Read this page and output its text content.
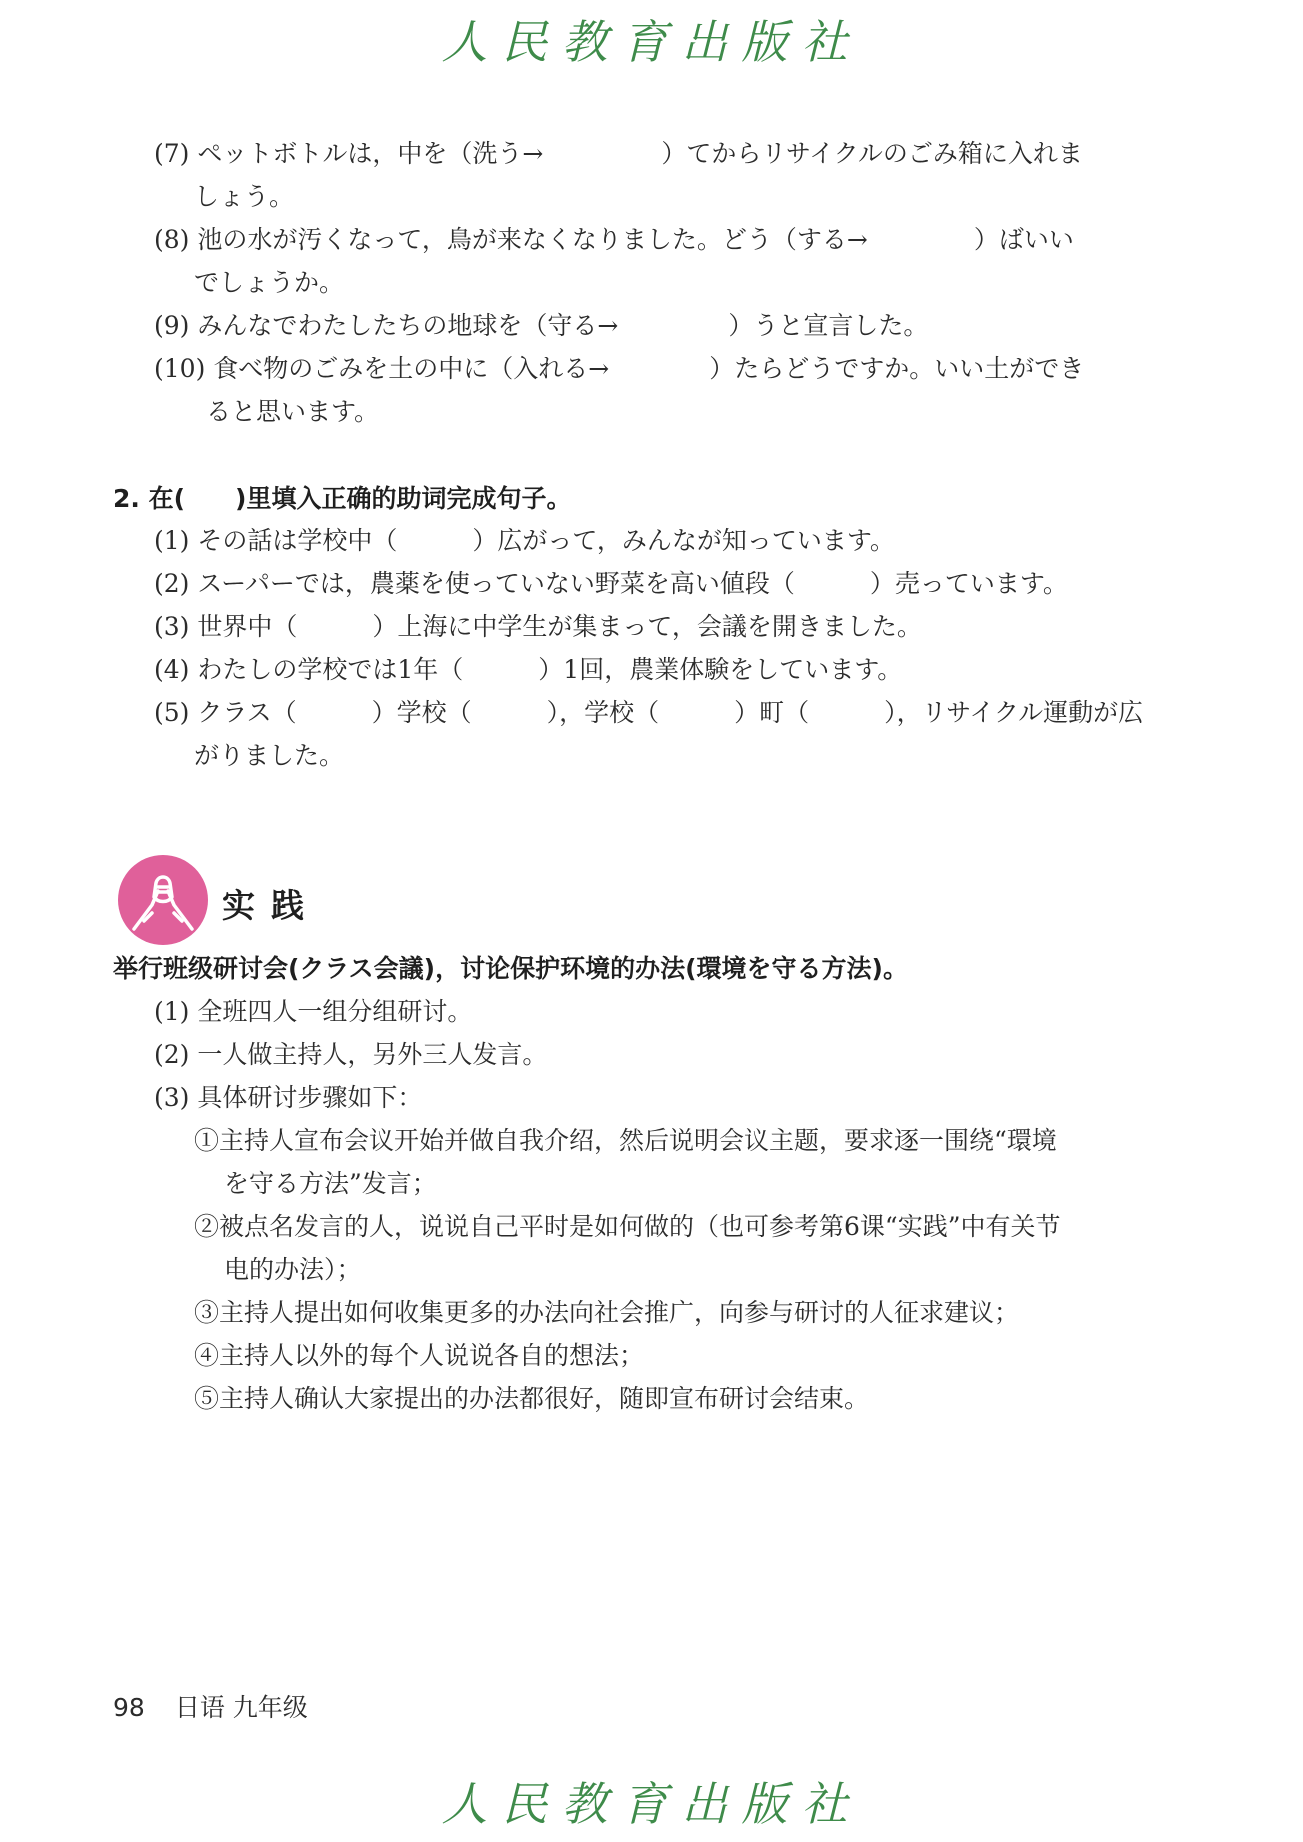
人民教育出版社
(7) ペットボトルは，中を（洗う→	）てからリサイクルのごみ箱に入れま
しょう。
(8) 池の水が汚くなって，鳥が来なくなりました。どう（する→	）ばいい
でしょうか。
(9) みんなでわたしたちの地球を（守る→	）うと宣言した。
(10) 食べ物のごみを土の中に（入れる→	）たらどうですか。いい土ができ
ると思います。
2. 在(　　)里填入正确的助词完成句子。
(1) その話は学校中（　　　）広がって，みんなが知っています。
(2) スーパーでは，農薬を使っていない野菜を高い値段（　　　）売っています。
(3) 世界中（　　　）上海に中学生が集まって，会議を開きました。
(4) わたしの学校では1年（　　　）1回，農業体験をしています。
(5) クラス（　　　）学校（　　　），学校（　　　）町（　　　），リサイクル運動が広
がりました。
实践
举行班级研讨会(クラス会議)，讨论保护环境的办法(環境を守る方法)。
(1) 全班四人一组分组研讨。
(2) 一人做主持人，另外三人发言。
(3) 具体研讨步骤如下：
①主持人宣布会议开始并做自我介绍，然后说明会议主题，要求逐一围绕“環境
を守る方法”发言；
②被点名发言的人，说说自己平时是如何做的（也可参考第6课“实践”中有关节
电的办法）；
③主持人提出如何收集更多的办法向社会推广，向参与研讨的人征求建议；
④主持人以外的每个人说说各自的想法；
⑤主持人确认大家提出的办法都很好，随即宣布研讨会结束。
98 日语 九年级
人民教育出版社
